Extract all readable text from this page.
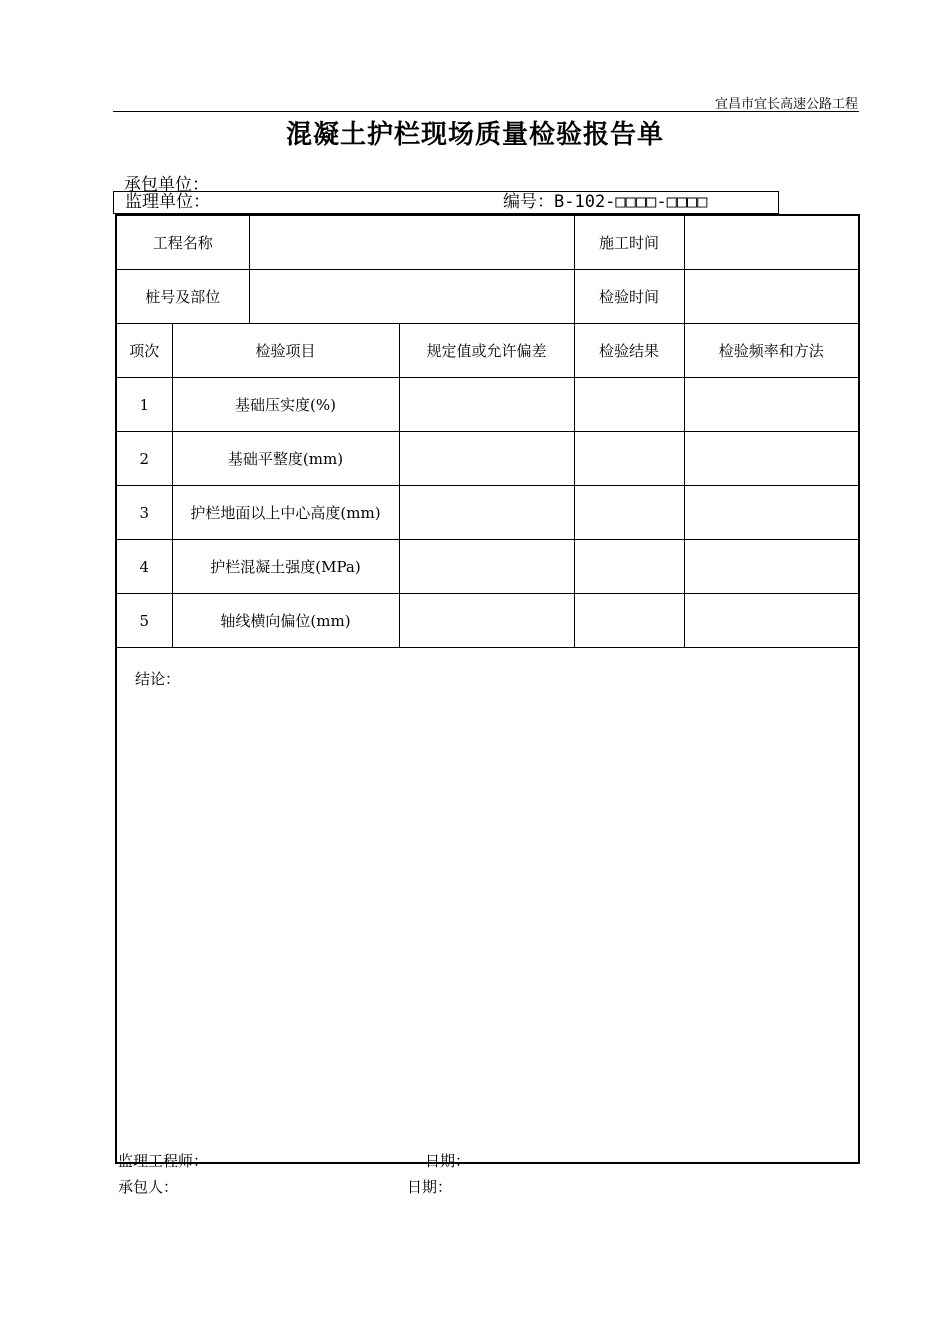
宜昌市宜长高速公路工程
混凝土护栏现场质量检验报告单
承包单位：
监理单位：	编号：B-102-□□□□-□□□□
工程名称				施工时间	
桩号及部位				检验时间	
项次	检验项目		规定值或允许偏差	检验结果	检验频率和方法
1	基础压实度(%)				
2	基础平整度(mm)				
3	护栏地面以上中心高度(mm)				
4	护栏混凝土强度(MPa)				
5	轴线横向偏位(mm)				
结论：					
监理工程师：	日期：
承包人：	日期：
